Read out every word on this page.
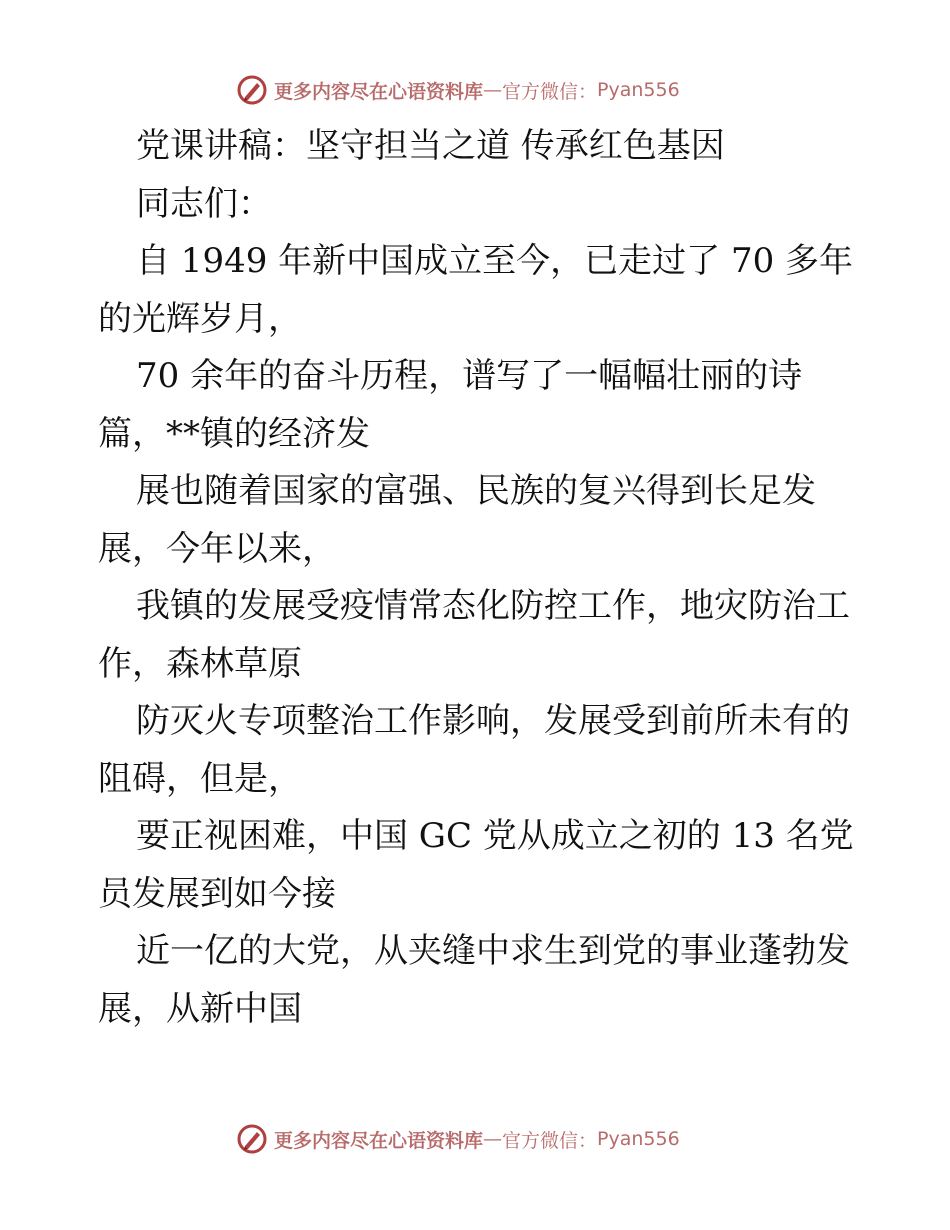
更多内容尽在心语资料库 — 官方微信： Pyan556
党课讲稿：坚守担当之道 传承红色基因
同志们：
自 1949 年新中国成立至今，已走过了 70 多年
的光辉岁月，
70 余年的奋斗历程，谱写了一幅幅壮丽的诗
篇，**镇的经济发
展也随着国家的富强、民族的复兴得到长足发
展，今年以来，
我镇的发展受疫情常态化防控工作，地灾防治工
作，森林草原
防灭火专项整治工作影响，发展受到前所未有的
阻碍，但是，
要正视困难，中国 GC 党从成立之初的 13 名党
员发展到如今接
近一亿的大党，从夹缝中求生到党的事业蓬勃发
展，从新中国
更多内容尽在心语资料库 — 官方微信： Pyan556
